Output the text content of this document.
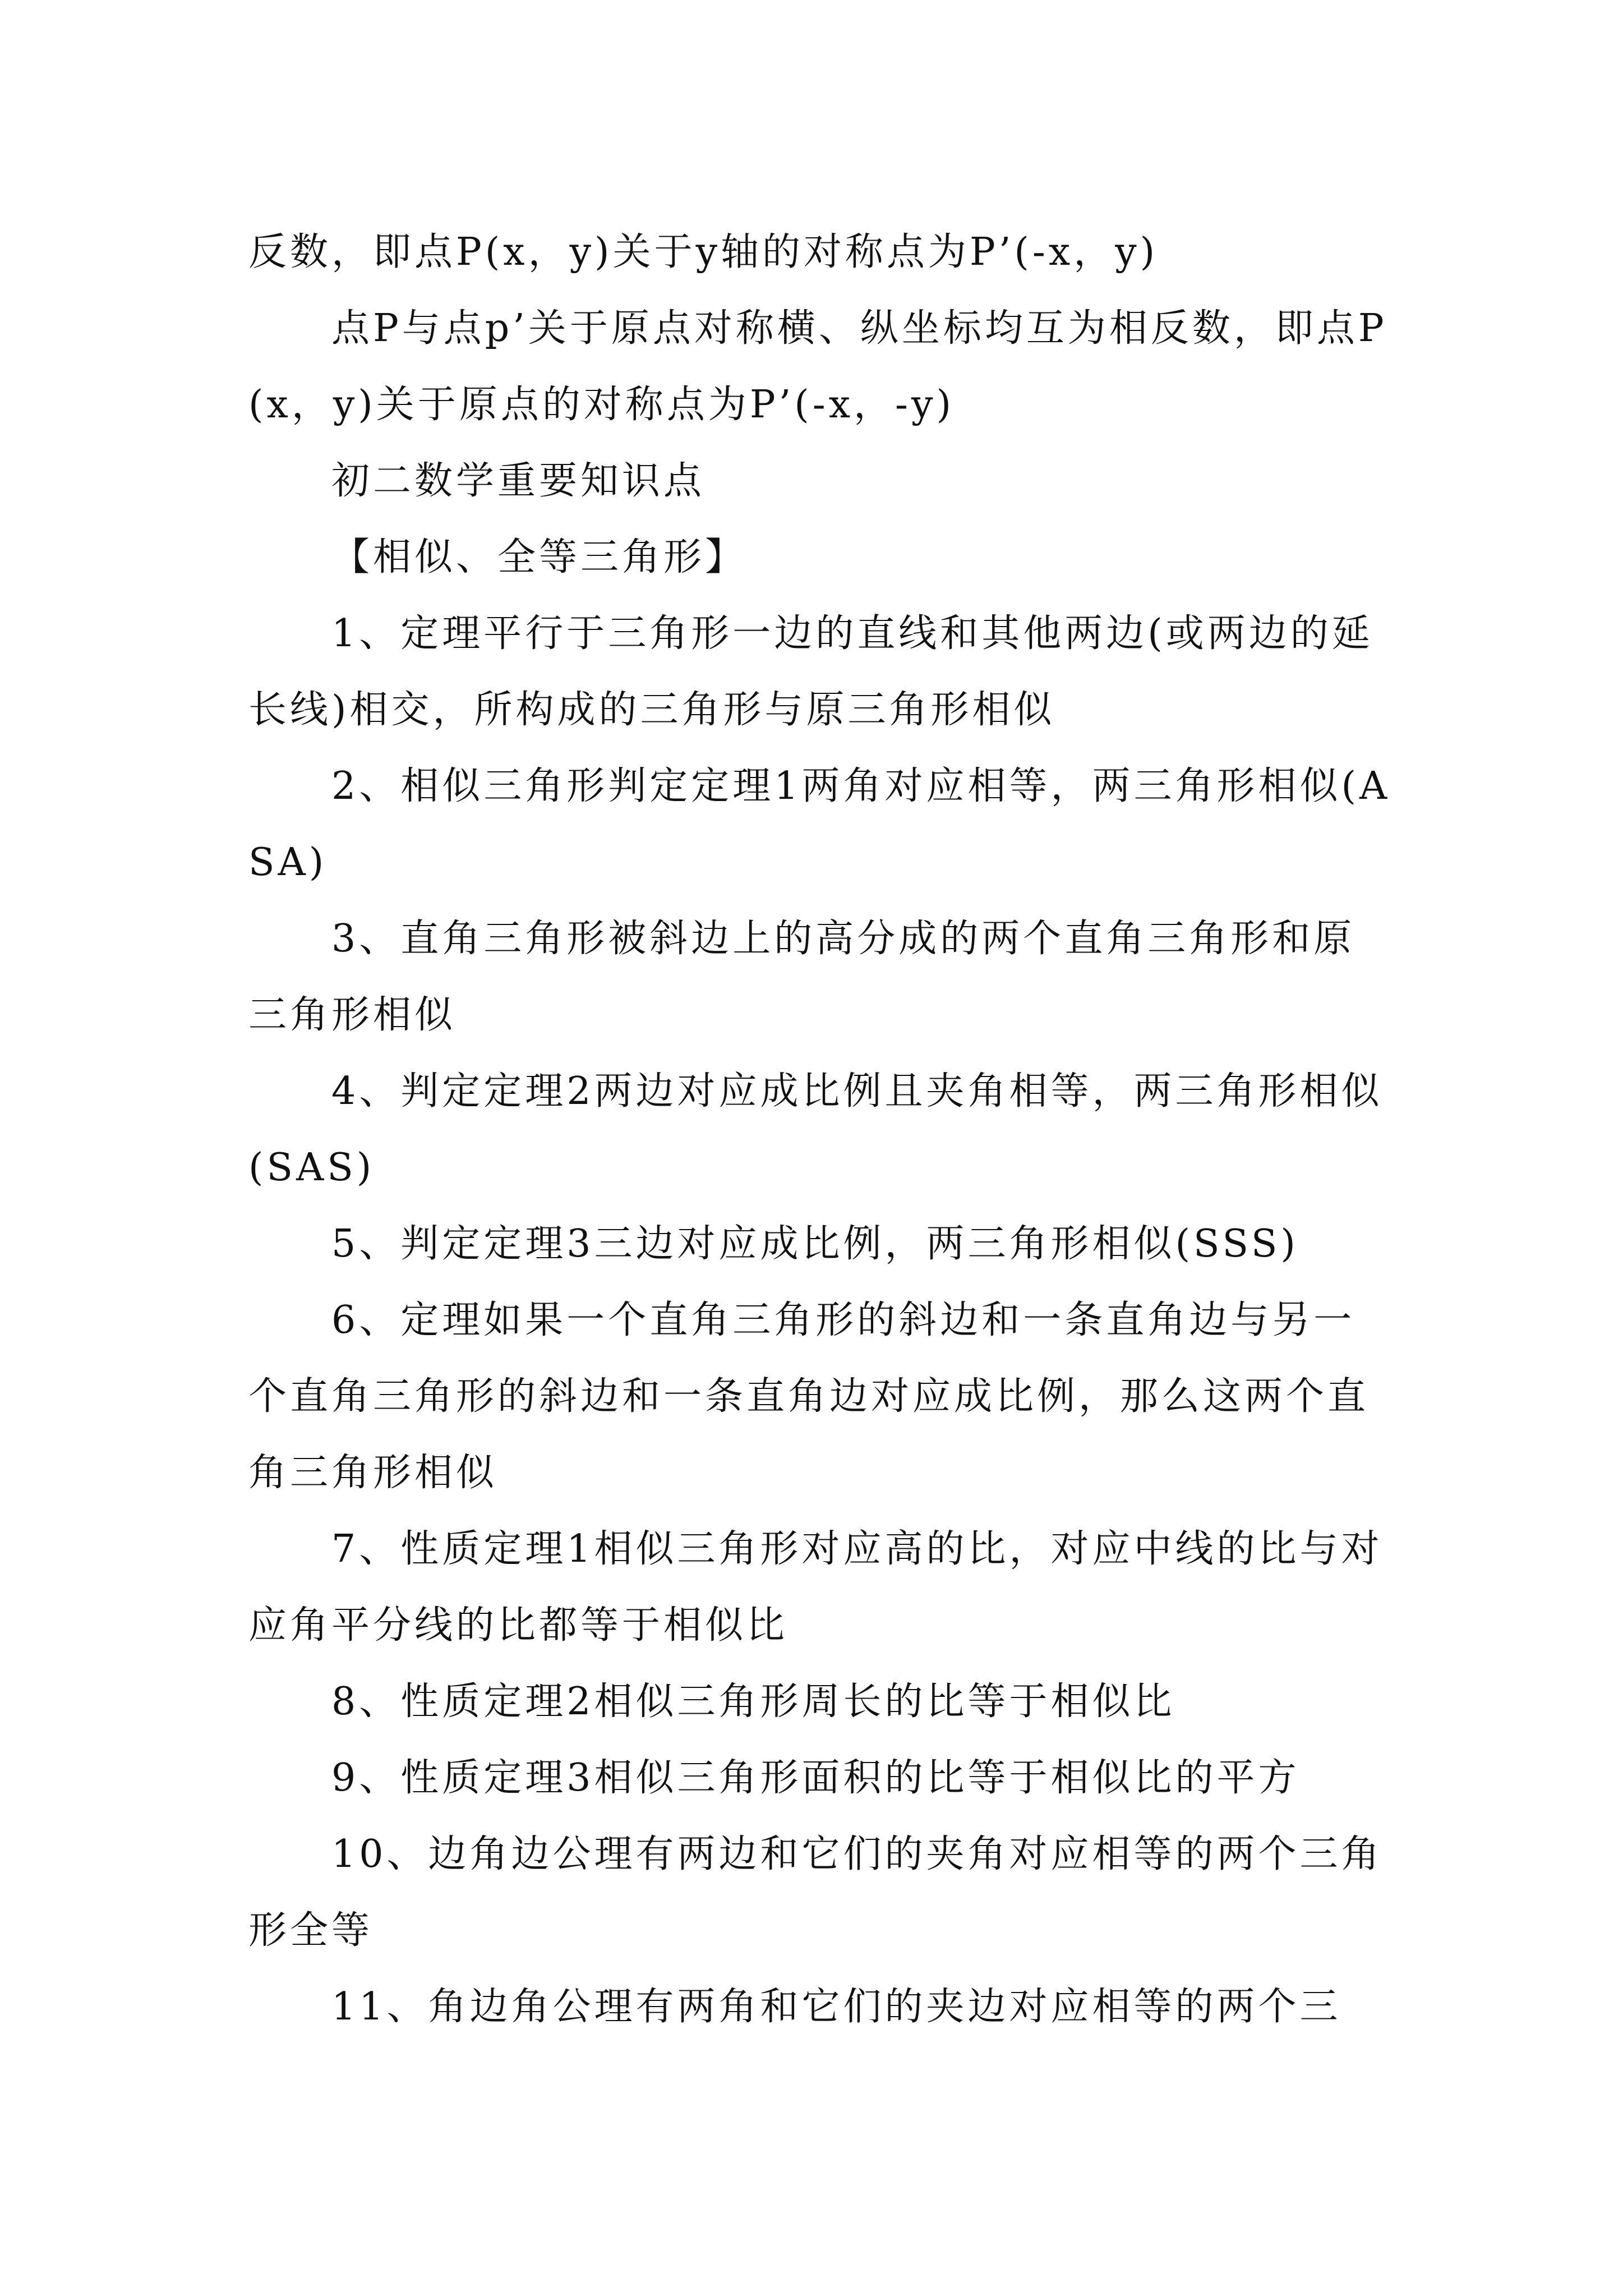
反数，即点P(x，y)关于y轴的对称点为P’(-x，y)

点P与点p’关于原点对称横、纵坐标均互为相反数，即点P(x，y)关于原点的对称点为P’(-x，-y)

初二数学重要知识点

【相似、全等三角形】

1、定理平行于三角形一边的直线和其他两边(或两边的延长线)相交，所构成的三角形与原三角形相似

2、相似三角形判定定理1两角对应相等，两三角形相似(ASA)

3、直角三角形被斜边上的高分成的两个直角三角形和原三角形相似

4、判定定理2两边对应成比例且夹角相等，两三角形相似(SAS)

5、判定定理3三边对应成比例，两三角形相似(SSS)

6、定理如果一个直角三角形的斜边和一条直角边与另一个直角三角形的斜边和一条直角边对应成比例，那么这两个直角三角形相似

7、性质定理1相似三角形对应高的比，对应中线的比与对应角平分线的比都等于相似比

8、性质定理2相似三角形周长的比等于相似比

9、性质定理3相似三角形面积的比等于相似比的平方

10、边角边公理有两边和它们的夹角对应相等的两个三角形全等

11、角边角公理有两角和它们的夹边对应相等的两个三
